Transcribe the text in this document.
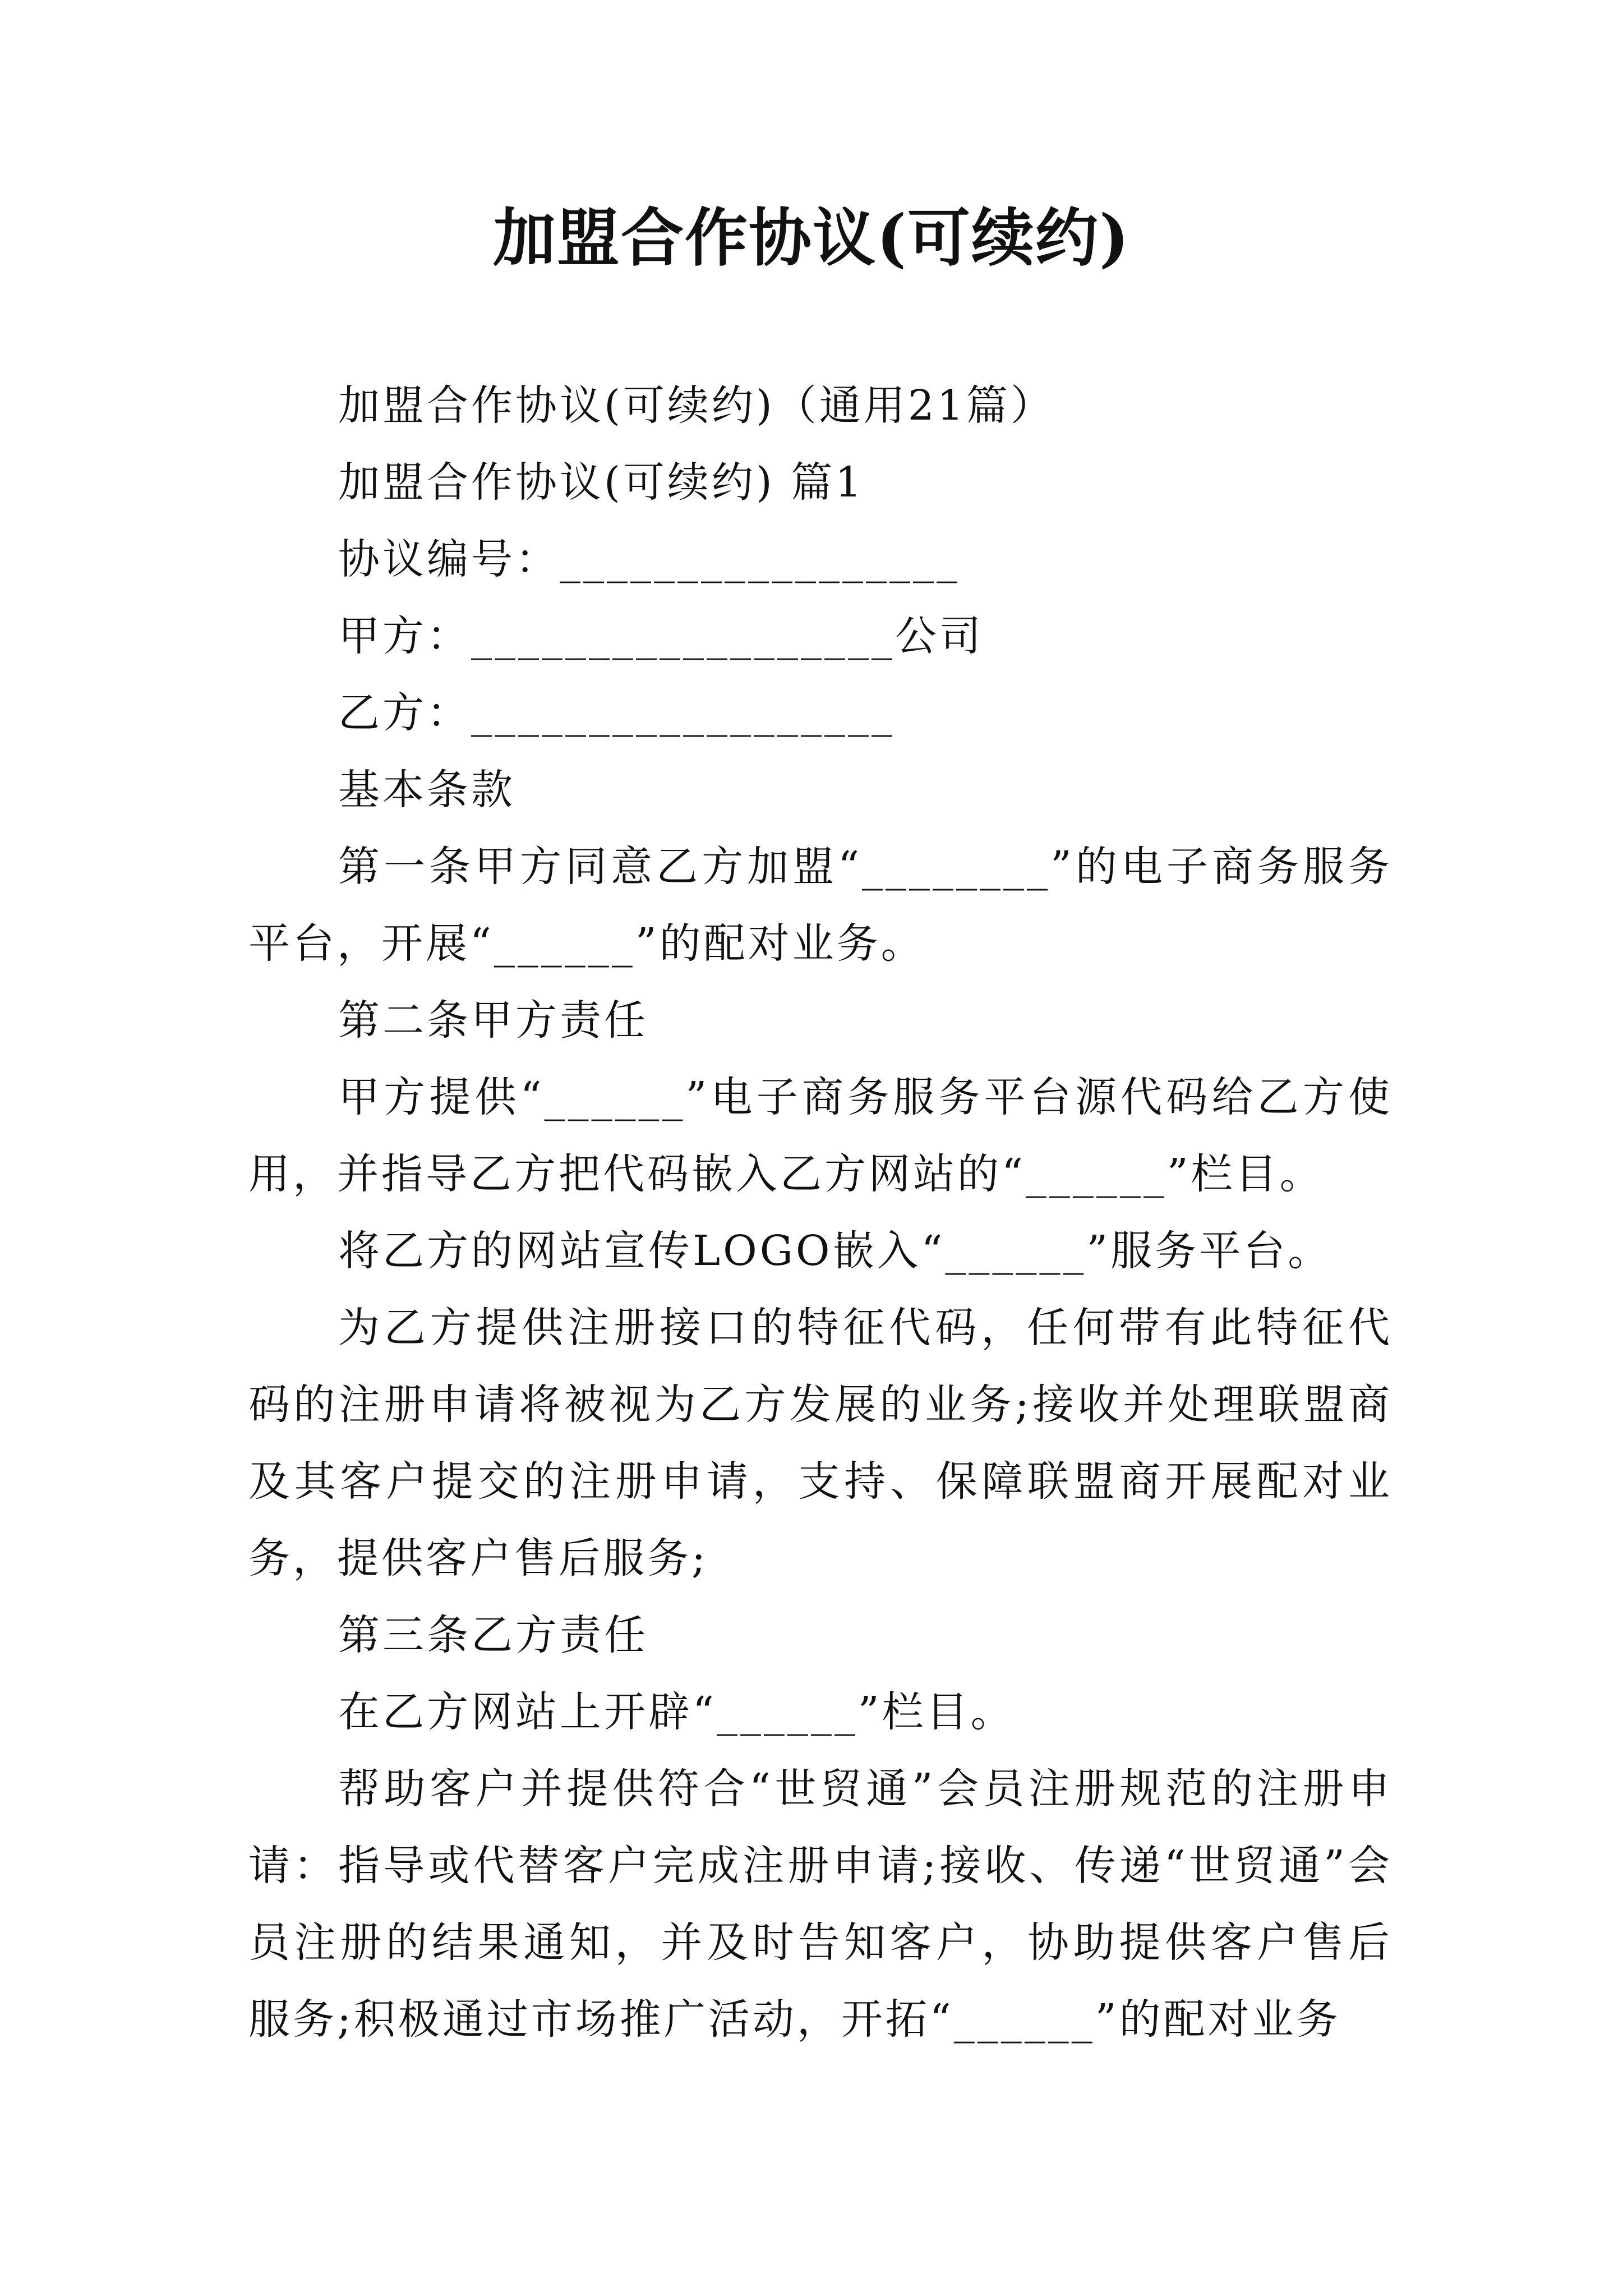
加盟合作协议(可续约)

加盟合作协议(可续约)（通用21篇）

加盟合作协议(可续约) 篇1

协议编号：_________________

甲方：__________________公司

乙方：__________________

基本条款

第一条甲方同意乙方加盟“________”的电子商务服务平台，开展“______”的配对业务。

第二条甲方责任

甲方提供“______”电子商务服务平台源代码给乙方使用，并指导乙方把代码嵌入乙方网站的“______”栏目。

将乙方的网站宣传LOGO嵌入“______”服务平台。

为乙方提供注册接口的特征代码，任何带有此特征代码的注册申请将被视为乙方发展的业务;接收并处理联盟商及其客户提交的注册申请，支持、保障联盟商开展配对业务，提供客户售后服务;

第三条乙方责任

在乙方网站上开辟“______”栏目。

帮助客户并提供符合“世贸通”会员注册规范的注册申请：指导或代替客户完成注册申请;接收、传递“世贸通”会员注册的结果通知，并及时告知客户，协助提供客户售后服务;积极通过市场推广活动，开拓“______”的配对业务
